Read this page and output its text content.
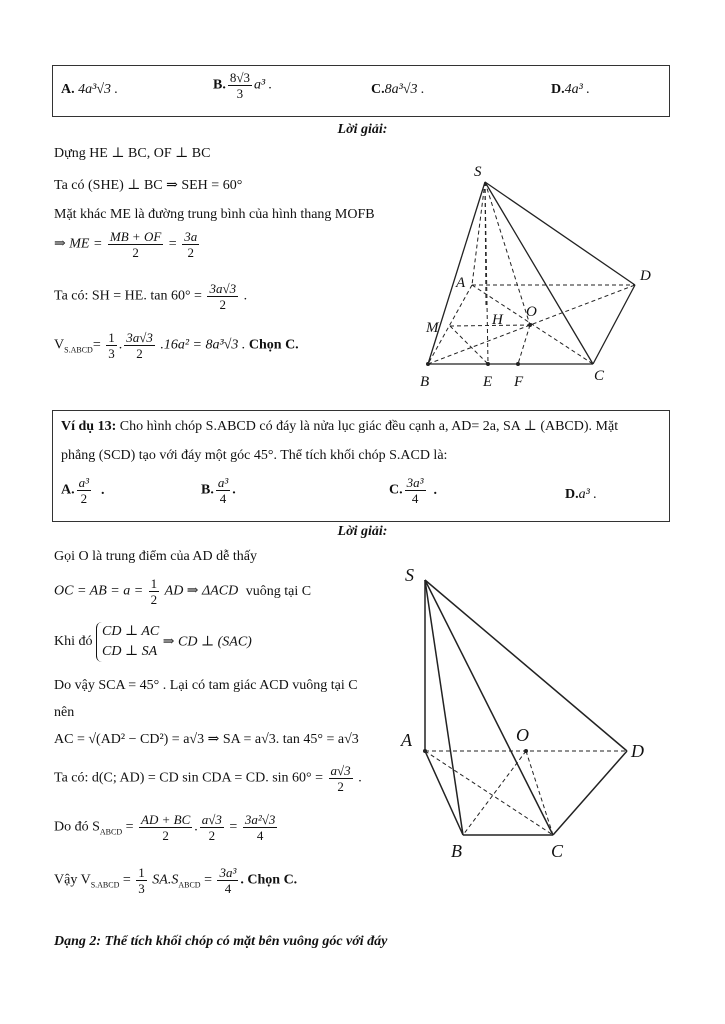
A. 4a³√3 .	B. $\frac{8√3}{3} a^3$ .	C.8a³√3 .	D.4a³ .
Lời giải:
Dựng HE ⊥ BC, OF ⊥ BC
Ta có (SHE) ⊥ BC ⇒ SEH = 60°
Mặt khác ME là đường trung bình của hình thang MOFB
⇒ ME = $\frac{MB + OF}{2} = \frac{3a}{2}$
Ta có: SH = HE. $\tan 60^\circ = \frac{3a√3}{2}$ .
$V_{S.ABCD}= \frac{1}{3}$ . $\frac{3a√3}{2} .16a^2 = 8a^3√3$ . Chọn C.
S
A	D
M	H O
B	E F	C
Ví dụ 13: Cho hình chóp S.ABCD có đáy là nửa lục giác đều cạnh a, AD= 2a, SA ⊥ (ABCD). Mặt
phẳng (SCD) tạo với đáy một góc 45°. Thể tích khối chóp S.ACD là:
A. $\frac{\text{a³}}{2}$ .	B. $\frac{\text{a³}}{4}$ .	C. $\frac{\text{3a³}}{4}$ .	D.a³ .
Lời giải:
Gọi O là trung điểm của AD dễ thấy
OC = AB = $a = \frac{1}{2}$ AD ⇒ ΔACD vuông tại C
Khi đó
CD ⊥ AC
CD ⊥ SA
⇒ CD ⊥ (SAC)
Do vậy SCA = 45° . Lại có tam giác ACD vuông tại C
nên
AC = √(AD² − CD²) = a√3 ⇒ SA = a√3. tan 45° = a√3
Ta có: d(C; AD) = CD sin CDA = CD. $\sin 60^\circ = \frac{a√3}{2}$ .
Do đó $S_{ABCD} = \frac{AD + BC}{2}$ . $\frac{a√3}{2} = \frac{\text{3a²√3}}{4}$
Vậy $V_{S.ABCD} = \frac{1}{3} SA.S_{ABCD} = \frac{\text{3a³}}{4}$ . Chọn C.
S
A	O
D
B	C
Dạng 2: Thể tích khối chóp có mặt bên vuông góc với đáy
